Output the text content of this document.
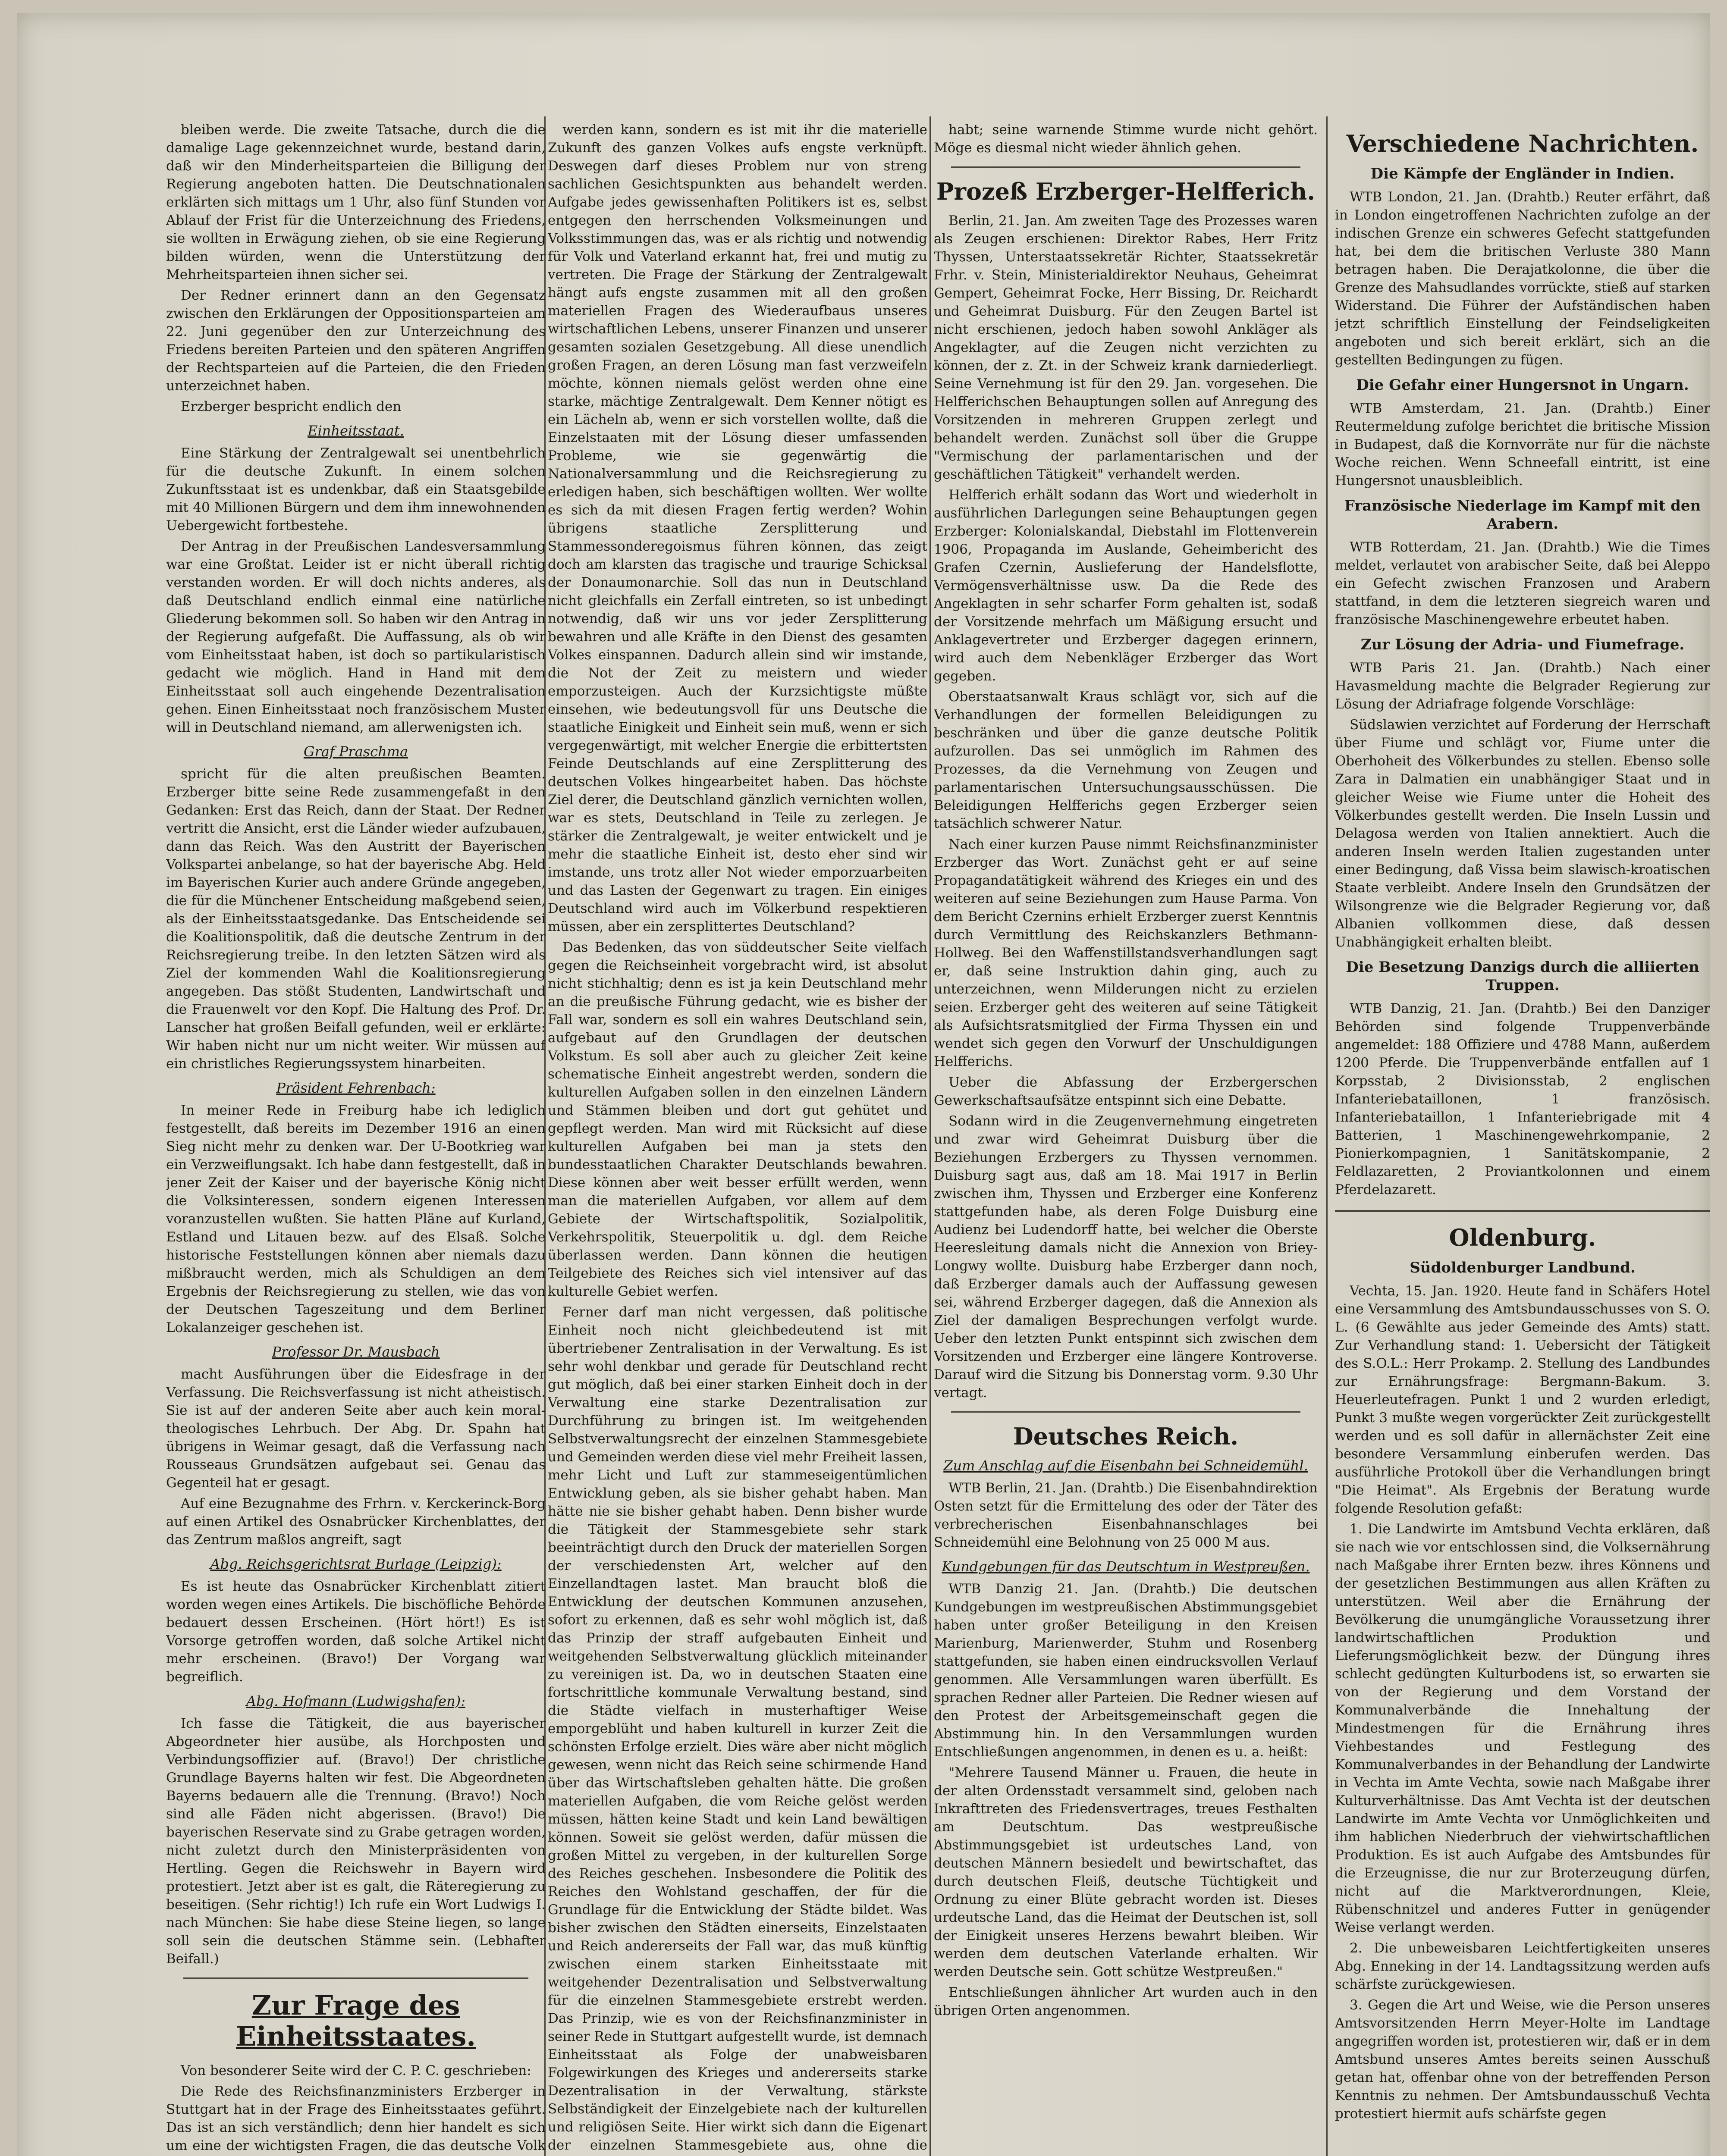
bleiben werde. Die zweite Tatsache, durch die die damalige Lage gekennzeichnet wurde, bestand darin, daß wir den Minderheitsparteien die Billigung der Regierung angeboten hatten. Die Deutschnationalen erklärten sich mittags um 1 Uhr, also fünf Stunden vor Ablauf der Frist für die Unterzeichnung des Friedens, sie wollten in Erwägung ziehen, ob sie eine Regierung bilden würden, wenn die Unterstützung der Mehrheitsparteien ihnen sicher sei.

Der Redner erinnert dann an den Gegensatz zwischen den Erklärungen der Oppositionsparteien am 22. Juni gegenüber den zur Unterzeichnung des Friedens bereiten Parteien und den späteren Angriffen der Rechtsparteien auf die Parteien, die den Frieden unterzeichnet haben.

Erzberger bespricht endlich den

Einheitsstaat.

Eine Stärkung der Zentralgewalt sei unentbehrlich für die deutsche Zukunft. In einem solchen Zukunftsstaat ist es undenkbar, daß ein Staatsgebilde mit 40 Millionen Bürgern und dem ihm innewohnenden Uebergewicht fortbestehe.

Der Antrag in der Preußischen Landesversammlung war eine Großtat. Leider ist er nicht überall richtig verstanden worden. Er will doch nichts anderes, als daß Deutschland endlich einmal eine natürliche Gliederung bekommen soll. So haben wir den Antrag in der Regierung aufgefaßt. Die Auffassung, als ob wir vom Einheitsstaat haben, ist doch so partikularistisch gedacht wie möglich. Hand in Hand mit dem Einheitsstaat soll auch eingehende Dezentralisation gehen. Einen Einheitsstaat noch französischem Muster will in Deutschland niemand, am allerwenigsten ich.

Graf Praschma

spricht für die alten preußischen Beamten. Erzberger bitte seine Rede zusammengefaßt in den Gedanken: Erst das Reich, dann der Staat. Der Redner vertritt die Ansicht, erst die Länder wieder aufzubauen, dann das Reich. Was den Austritt der Bayerischen Volkspartei anbelange, so hat der bayerische Abg. Held im Bayerischen Kurier auch andere Gründe angegeben, die für die Münchener Entscheidung maßgebend seien, als der Einheitsstaatsgedanke. Das Entscheidende sei die Koalitionspolitik, daß die deutsche Zentrum in der Reichsregierung treibe. In den letzten Sätzen wird als Ziel der kommenden Wahl die Koalitionsregierung angegeben. Das stößt Studenten, Landwirtschaft und die Frauenwelt vor den Kopf. Die Haltung des Prof. Dr. Lanscher hat großen Beifall gefunden, weil er erklärte: Wir haben nicht nur um nicht weiter. Wir müssen auf ein christliches Regierungssystem hinarbeiten.

Präsident Fehrenbach:

In meiner Rede in Freiburg habe ich lediglich festgestellt, daß bereits im Dezember 1916 an einen Sieg nicht mehr zu denken war. Der U-Bootkrieg war ein Verzweiflungsakt. Ich habe dann festgestellt, daß in jener Zeit der Kaiser und der bayerische König nicht die Volksinteressen, sondern eigenen Interessen voranzustellen wußten. Sie hatten Pläne auf Kurland, Estland und Litauen bezw. auf des Elsaß. Solche historische Feststellungen können aber niemals dazu mißbraucht werden, mich als Schuldigen an dem Ergebnis der Reichsregierung zu stellen, wie das von der Deutschen Tageszeitung und dem Berliner Lokalanzeiger geschehen ist.

Professor Dr. Mausbach

macht Ausführungen über die Eidesfrage in der Verfassung. Die Reichsverfassung ist nicht atheistisch. Sie ist auf der anderen Seite aber auch kein moral-theologisches Lehrbuch. Der Abg. Dr. Spahn hat übrigens in Weimar gesagt, daß die Verfassung nach Rousseaus Grundsätzen aufgebaut sei. Genau das Gegenteil hat er gesagt.

Auf eine Bezugnahme des Frhrn. v. Kerckerinck-Borg auf einen Artikel des Osnabrücker Kirchenblattes, der das Zentrum maßlos angreift, sagt

Abg. Reichsgerichtsrat Burlage (Leipzig):

Es ist heute das Osnabrücker Kirchenblatt zitiert worden wegen eines Artikels. Die bischöfliche Behörde bedauert dessen Erscheinen. (Hört hört!) Es ist Vorsorge getroffen worden, daß solche Artikel nicht mehr erscheinen. (Bravo!) Der Vorgang war begreiflich.

Abg. Hofmann (Ludwigshafen):

Ich fasse die Tätigkeit, die aus bayerischer Abgeordneter hier ausübe, als Horchposten und Verbindungsoffizier auf. (Bravo!) Der christliche Grundlage Bayerns halten wir fest. Die Abgeordneten Bayerns bedauern alle die Trennung. (Bravo!) Noch sind alle Fäden nicht abgerissen. (Bravo!) Die bayerischen Reservate sind zu Grabe getragen worden, nicht zuletzt durch den Ministerpräsidenten von Hertling. Gegen die Reichswehr in Bayern wird protestiert. Jetzt aber ist es galt, die Räteregierung zu beseitigen. (Sehr richtig!) Ich rufe ein Wort Ludwigs I. nach München: Sie habe diese Steine liegen, so lange soll sein die deutschen Stämme sein. (Lebhafter Beifall.)

Zur Frage des Einheitsstaates.

Von besonderer Seite wird der C. P. C. geschrieben:

Die Rede des Reichsfinanzministers Erzberger in Stuttgart hat in der Frage des Einheitsstaates geführt. Das ist an sich verständlich; denn hier handelt es sich um eine der wichtigsten Fragen, die das deutsche Volk

werden kann, sondern es ist mit ihr die materielle Zukunft des ganzen Volkes aufs engste verknüpft. Deswegen darf dieses Problem nur von streng sachlichen Gesichtspunkten aus behandelt werden. Aufgabe jedes gewissenhaften Politikers ist es, selbst entgegen den herrschenden Volksmeinungen und Volksstimmungen das, was er als richtig und notwendig für Volk und Vaterland erkannt hat, frei und mutig zu vertreten. Die Frage der Stärkung der Zentralgewalt hängt aufs engste zusammen mit all den großen materiellen Fragen des Wiederaufbaus unseres wirtschaftlichen Lebens, unserer Finanzen und unserer gesamten sozialen Gesetzgebung. All diese unendlich großen Fragen, an deren Lösung man fast verzweifeln möchte, können niemals gelöst werden ohne eine starke, mächtige Zentralgewalt. Dem Kenner nötigt es ein Lächeln ab, wenn er sich vorstellen wollte, daß die Einzelstaaten mit der Lösung dieser umfassenden Probleme, wie sie gegenwärtig die Nationalversammlung und die Reichsregierung zu erledigen haben, sich beschäftigen wollten. Wer wollte es sich da mit diesen Fragen fertig werden? Wohin übrigens staatliche Zersplitterung und Stammessonderegoismus führen können, das zeigt doch am klarsten das tragische und traurige Schicksal der Donaumonarchie. Soll das nun in Deutschland nicht gleichfalls ein Zerfall eintreten, so ist unbedingt notwendig, daß wir uns vor jeder Zersplitterung bewahren und alle Kräfte in den Dienst des gesamten Volkes einspannen. Dadurch allein sind wir imstande, die Not der Zeit zu meistern und wieder emporzusteigen. Auch der Kurzsichtigste müßte einsehen, wie bedeutungsvoll für uns Deutsche die staatliche Einigkeit und Einheit sein muß, wenn er sich vergegenwärtigt, mit welcher Energie die erbittertsten Feinde Deutschlands auf eine Zersplitterung des deutschen Volkes hingearbeitet haben. Das höchste Ziel derer, die Deutschland gänzlich vernichten wollen, war es stets, Deutschland in Teile zu zerlegen. Je stärker die Zentralgewalt, je weiter entwickelt und je mehr die staatliche Einheit ist, desto eher sind wir imstande, uns trotz aller Not wieder emporzuarbeiten und das Lasten der Gegenwart zu tragen. Ein einiges Deutschland wird auch im Völkerbund respektieren müssen, aber ein zersplittertes Deutschland?

Das Bedenken, das von süddeutscher Seite vielfach gegen die Reichseinheit vorgebracht wird, ist absolut nicht stichhaltig; denn es ist ja kein Deutschland mehr an die preußische Führung gedacht, wie es bisher der Fall war, sondern es soll ein wahres Deutschland sein, aufgebaut auf den Grundlagen der deutschen Volkstum. Es soll aber auch zu gleicher Zeit keine schematische Einheit angestrebt werden, sondern die kulturellen Aufgaben sollen in den einzelnen Ländern und Stämmen bleiben und dort gut gehütet und gepflegt werden. Man wird mit Rücksicht auf diese kulturellen Aufgaben bei man ja stets den bundesstaatlichen Charakter Deutschlands bewahren. Diese können aber weit besser erfüllt werden, wenn man die materiellen Aufgaben, vor allem auf dem Gebiete der Wirtschaftspolitik, Sozialpolitik, Verkehrspolitik, Steuerpolitik u. dgl. dem Reiche überlassen werden. Dann können die heutigen Teilgebiete des Reiches sich viel intensiver auf das kulturelle Gebiet werfen.

Ferner darf man nicht vergessen, daß politische Einheit noch nicht gleichbedeutend ist mit übertriebener Zentralisation in der Verwaltung. Es ist sehr wohl denkbar und gerade für Deutschland recht gut möglich, daß bei einer starken Einheit doch in der Verwaltung eine starke Dezentralisation zur Durchführung zu bringen ist. Im weitgehenden Selbstverwaltungsrecht der einzelnen Stammesgebiete und Gemeinden werden diese viel mehr Freiheit lassen, mehr Licht und Luft zur stammeseigentümlichen Entwicklung geben, als sie bisher gehabt haben. Man hätte nie sie bisher gehabt haben. Denn bisher wurde die Tätigkeit der Stammesgebiete sehr stark beeinträchtigt durch den Druck der materiellen Sorgen der verschiedensten Art, welcher auf den Einzellandtagen lastet. Man braucht bloß die Entwicklung der deutschen Kommunen anzusehen, sofort zu erkennen, daß es sehr wohl möglich ist, daß das Prinzip der straff aufgebauten Einheit und weitgehenden Selbstverwaltung glücklich miteinander zu vereinigen ist. Da, wo in deutschen Staaten eine fortschrittliche kommunale Verwaltung bestand, sind die Städte vielfach in musterhaftiger Weise emporgeblüht und haben kulturell in kurzer Zeit die schönsten Erfolge erzielt. Dies wäre aber nicht möglich gewesen, wenn nicht das Reich seine schirmende Hand über das Wirtschaftsleben gehalten hätte. Die großen materiellen Aufgaben, die vom Reiche gelöst werden müssen, hätten keine Stadt und kein Land bewältigen können. Soweit sie gelöst werden, dafür müssen die großen Mittel zu vergeben, in der kulturellen Sorge des Reiches geschehen. Insbesondere die Politik des Reiches den Wohlstand geschaffen, der für die Grundlage für die Entwicklung der Städte bildet. Was bisher zwischen den Städten einerseits, Einzelstaaten und Reich andererseits der Fall war, das muß künftig zwischen einem starken Einheitsstaate mit weitgehender Dezentralisation und Selbstverwaltung für die einzelnen Stammesgebiete erstrebt werden. Das Prinzip, wie es von der Reichsfinanzminister in seiner Rede in Stuttgart aufgestellt wurde, ist demnach Einheitsstaat als Folge der unabweisbaren Folgewirkungen des Krieges und andererseits starke Dezentralisation in der Verwaltung, stärkste Selbständigkeit der Einzelgebiete nach der kulturellen und religiösen Seite. Hier wirkt sich dann die Eigenart der einzelnen Stammesgebiete aus, ohne die

habt; seine warnende Stimme wurde nicht gehört. Möge es diesmal nicht wieder ähnlich gehen.

Prozeß Erzberger-Helfferich.

Berlin, 21. Jan. Am zweiten Tage des Prozesses waren als Zeugen erschienen: Direktor Rabes, Herr Fritz Thyssen, Unterstaatssekretär Richter, Staatssekretär Frhr. v. Stein, Ministerialdirektor Neuhaus, Geheimrat Gempert, Geheimrat Focke, Herr Bissing, Dr. Reichardt und Geheimrat Duisburg. Für den Zeugen Bartel ist nicht erschienen, jedoch haben sowohl Ankläger als Angeklagter, auf die Zeugen nicht verzichten zu können, der z. Zt. in der Schweiz krank darniederliegt. Seine Vernehmung ist für den 29. Jan. vorgesehen. Die Helfferichschen Behauptungen sollen auf Anregung des Vorsitzenden in mehreren Gruppen zerlegt und behandelt werden. Zunächst soll über die Gruppe "Vermischung der parlamentarischen und der geschäftlichen Tätigkeit" verhandelt werden.

Helfferich erhält sodann das Wort und wiederholt in ausführlichen Darlegungen seine Behauptungen gegen Erzberger: Kolonialskandal, Diebstahl im Flottenverein 1906, Propaganda im Auslande, Geheimbericht des Grafen Czernin, Auslieferung der Handelsflotte, Vermögensverhältnisse usw. Da die Rede des Angeklagten in sehr scharfer Form gehalten ist, sodaß der Vorsitzende mehrfach um Mäßigung ersucht und Anklagevertreter und Erzberger dagegen erinnern, wird auch dem Nebenkläger Erzberger das Wort gegeben.

Oberstaatsanwalt Kraus schlägt vor, sich auf die Verhandlungen der formellen Beleidigungen zu beschränken und über die ganze deutsche Politik aufzurollen. Das sei unmöglich im Rahmen des Prozesses, da die Vernehmung von Zeugen und parlamentarischen Untersuchungsausschüssen. Die Beleidigungen Helfferichs gegen Erzberger seien tatsächlich schwerer Natur.

Nach einer kurzen Pause nimmt Reichsfinanzminister Erzberger das Wort. Zunächst geht er auf seine Propagandatätigkeit während des Krieges ein und des weiteren auf seine Beziehungen zum Hause Parma. Von dem Bericht Czernins erhielt Erzberger zuerst Kenntnis durch Vermittlung des Reichskanzlers Bethmann-Hollweg. Bei den Waffenstillstandsverhandlungen sagt er, daß seine Instruktion dahin ging, auch zu unterzeichnen, wenn Milderungen nicht zu erzielen seien. Erzberger geht des weiteren auf seine Tätigkeit als Aufsichtsratsmitglied der Firma Thyssen ein und wendet sich gegen den Vorwurf der Unschuldigungen Helfferichs.

Ueber die Abfassung der Erzbergerschen Gewerkschaftsaufsätze entspinnt sich eine Debatte.

Sodann wird in die Zeugenvernehmung eingetreten und zwar wird Geheimrat Duisburg über die Beziehungen Erzbergers zu Thyssen vernommen. Duisburg sagt aus, daß am 18. Mai 1917 in Berlin zwischen ihm, Thyssen und Erzberger eine Konferenz stattgefunden habe, als deren Folge Duisburg eine Audienz bei Ludendorff hatte, bei welcher die Oberste Heeresleitung damals nicht die Annexion von Briey-Longwy wollte. Duisburg habe Erzberger dann noch, daß Erzberger damals auch der Auffassung gewesen sei, während Erzberger dagegen, daß die Annexion als Ziel der damaligen Besprechungen verfolgt wurde. Ueber den letzten Punkt entspinnt sich zwischen dem Vorsitzenden und Erzberger eine längere Kontroverse. Darauf wird die Sitzung bis Donnerstag vorm. 9.30 Uhr vertagt.

Deutsches Reich.
Zum Anschlag auf die Eisenbahn bei Schneidemühl.

WTB Berlin, 21. Jan. (Drahtb.) Die Eisenbahndirektion Osten setzt für die Ermittelung des oder der Täter des verbrecherischen Eisenbahnanschlages bei Schneidemühl eine Belohnung von 25 000 M aus.

Kundgebungen für das Deutschtum in Westpreußen.

WTB Danzig 21. Jan. (Drahtb.) Die deutschen Kundgebungen im westpreußischen Abstimmungsgebiet haben unter großer Beteiligung in den Kreisen Marienburg, Marienwerder, Stuhm und Rosenberg stattgefunden, sie haben einen eindrucksvollen Verlauf genommen. Alle Versammlungen waren überfüllt. Es sprachen Redner aller Parteien. Die Redner wiesen auf den Protest der Arbeitsgemeinschaft gegen die Abstimmung hin. In den Versammlungen wurden Entschließungen angenommen, in denen es u. a. heißt:

"Mehrere Tausend Männer u. Frauen, die heute in der alten Ordensstadt versammelt sind, geloben nach Inkrafttreten des Friedensvertrages, treues Festhalten am Deutschtum. Das westpreußische Abstimmungsgebiet ist urdeutsches Land, von deutschen Männern besiedelt und bewirtschaftet, das durch deutschen Fleiß, deutsche Tüchtigkeit und Ordnung zu einer Blüte gebracht worden ist. Dieses urdeutsche Land, das die Heimat der Deutschen ist, soll der Einigkeit unseres Herzens bewahrt bleiben. Wir werden dem deutschen Vaterlande erhalten. Wir werden Deutsche sein. Gott schütze Westpreußen."

Entschließungen ähnlicher Art wurden auch in den übrigen Orten angenommen.

Verschiedene Nachrichten.
Die Kämpfe der Engländer in Indien.

WTB London, 21. Jan. (Drahtb.) Reuter erfährt, daß in London eingetroffenen Nachrichten zufolge an der indischen Grenze ein schweres Gefecht stattgefunden hat, bei dem die britischen Verluste 380 Mann betragen haben. Die Derajatkolonne, die über die Grenze des Mahsudlandes vorrückte, stieß auf starken Widerstand. Die Führer der Aufständischen haben jetzt schriftlich Einstellung der Feindseligkeiten angeboten und sich bereit erklärt, sich an die gestellten Bedingungen zu fügen.

Die Gefahr einer Hungersnot in Ungarn.

WTB Amsterdam, 21. Jan. (Drahtb.) Einer Reutermeldung zufolge berichtet die britische Mission in Budapest, daß die Kornvorräte nur für die nächste Woche reichen. Wenn Schneefall eintritt, ist eine Hungersnot unausbleiblich.

Französische Niederlage im Kampf mit den Arabern.

WTB Rotterdam, 21. Jan. (Drahtb.) Wie die Times meldet, verlautet von arabischer Seite, daß bei Aleppo ein Gefecht zwischen Franzosen und Arabern stattfand, in dem die letzteren siegreich waren und französische Maschinengewehre erbeutet haben.

Zur Lösung der Adria- und Fiumefrage.

WTB Paris 21. Jan. (Drahtb.) Nach einer Havasmeldung machte die Belgrader Regierung zur Lösung der Adriafrage folgende Vorschläge:

Südslawien verzichtet auf Forderung der Herrschaft über Fiume und schlägt vor, Fiume unter die Oberhoheit des Völkerbundes zu stellen. Ebenso solle Zara in Dalmatien ein unabhängiger Staat und in gleicher Weise wie Fiume unter die Hoheit des Völkerbundes gestellt werden. Die Inseln Lussin und Delagosa werden von Italien annektiert. Auch die anderen Inseln werden Italien zugestanden unter einer Bedingung, daß Vissa beim slawisch-kroatischen Staate verbleibt. Andere Inseln den Grundsätzen der Wilsongrenze wie die Belgrader Regierung vor, daß Albanien vollkommen diese, daß dessen Unabhängigkeit erhalten bleibt.

Die Besetzung Danzigs durch die alliierten Truppen.

WTB Danzig, 21. Jan. (Drahtb.) Bei den Danziger Behörden sind folgende Truppenverbände angemeldet: 188 Offiziere und 4788 Mann, außerdem 1200 Pferde. Die Truppenverbände entfallen auf 1 Korpsstab, 2 Divisionsstab, 2 englischen Infanteriebataillonen, 1 französisch. Infanteriebataillon, 1 Infanteriebrigade mit 4 Batterien, 1 Maschinengewehrkompanie, 2 Pionierkompagnien, 1 Sanitätskompanie, 2 Feldlazaretten, 2 Proviantkolonnen und einem Pferdelazarett.

Oldenburg.
Südoldenburger Landbund.

Vechta, 15. Jan. 1920. Heute fand in Schäfers Hotel eine Versammlung des Amtsbundausschusses von S. O. L. (6 Gewählte aus jeder Gemeinde des Amts) statt. Zur Verhandlung stand: 1. Uebersicht der Tätigkeit des S.O.L.: Herr Prokamp. 2. Stellung des Landbundes zur Ernährungsfrage: Bergmann-Bakum. 3. Heuerleutefragen. Punkt 1 und 2 wurden erledigt, Punkt 3 mußte wegen vorgerückter Zeit zurückgestellt werden und es soll dafür in allernächster Zeit eine besondere Versammlung einberufen werden. Das ausführliche Protokoll über die Verhandlungen bringt "Die Heimat". Als Ergebnis der Beratung wurde folgende Resolution gefaßt:

1. Die Landwirte im Amtsbund Vechta erklären, daß sie nach wie vor entschlossen sind, die Volksernährung nach Maßgabe ihrer Ernten bezw. ihres Könnens und der gesetzlichen Bestimmungen aus allen Kräften zu unterstützen. Weil aber die Ernährung der Bevölkerung die unumgängliche Voraussetzung ihrer landwirtschaftlichen Produktion und Lieferungsmöglichkeit bezw. der Düngung ihres schlecht gedüngten Kulturbodens ist, so erwarten sie von der Regierung und dem Vorstand der Kommunalverbände die Innehaltung der Mindestmengen für die Ernährung ihres Viehbestandes und Festlegung des Kommunalverbandes in der Behandlung der Landwirte in Vechta im Amte Vechta, sowie nach Maßgabe ihrer Kulturverhältnisse. Das Amt Vechta ist der deutschen Landwirte im Amte Vechta vor Unmöglichkeiten und ihm hablichen Niederbruch der viehwirtschaftlichen Produktion. Es ist auch Aufgabe des Amtsbundes für die Erzeugnisse, die nur zur Broterzeugung dürfen, nicht auf die Marktverordnungen, Kleie, Rübenschnitzel und anderes Futter in genügender Weise verlangt werden.

2. Die unbeweisbaren Leichtfertigkeiten unseres Abg. Enneking in der 14. Landtagssitzung werden aufs schärfste zurückgewiesen.

3. Gegen die Art und Weise, wie die Person unseres Amtsvorsitzenden Herrn Meyer-Holte im Landtage angegriffen worden ist, protestieren wir, daß er in dem Amtsbund unseres Amtes bereits seinen Ausschuß getan hat, offenbar ohne von der betreffenden Person Kenntnis zu nehmen. Der Amtsbundausschuß Vechta protestiert hiermit aufs schärfste gegen
